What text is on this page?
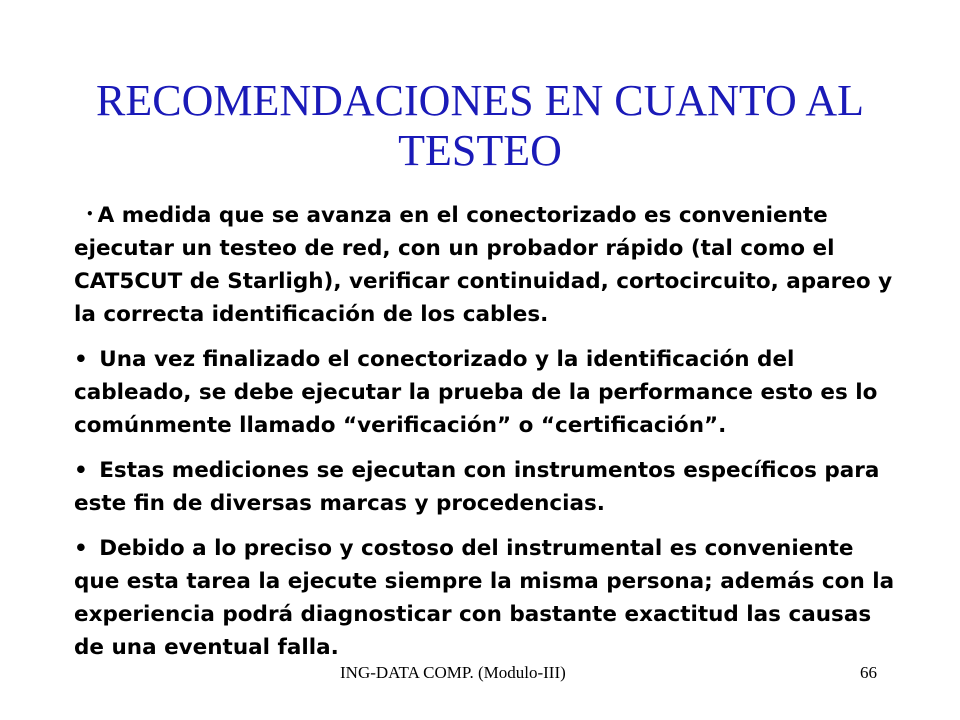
RECOMENDACIONES EN CUANTO AL
TESTEO

• A medida que se avanza en el conectorizado es conveniente ejecutar un testeo de red, con un probador rápido (tal como el CAT5CUT de Starligh), verificar continuidad, cortocircuito, apareo y la correcta identificación de los cables.

• Una vez finalizado el conectorizado y la identificación del cableado, se debe ejecutar la prueba de la performance esto es lo comúnmente llamado “verificación” o “certificación”.

• Estas mediciones se ejecutan con instrumentos específicos para este fin de diversas marcas y procedencias.

• Debido a lo preciso y costoso del instrumental es conveniente que esta tarea la ejecute siempre la misma persona; además con la experiencia podrá diagnosticar con bastante exactitud las causas de una eventual falla.

ING-DATA COMP. (Modulo-III)	66
